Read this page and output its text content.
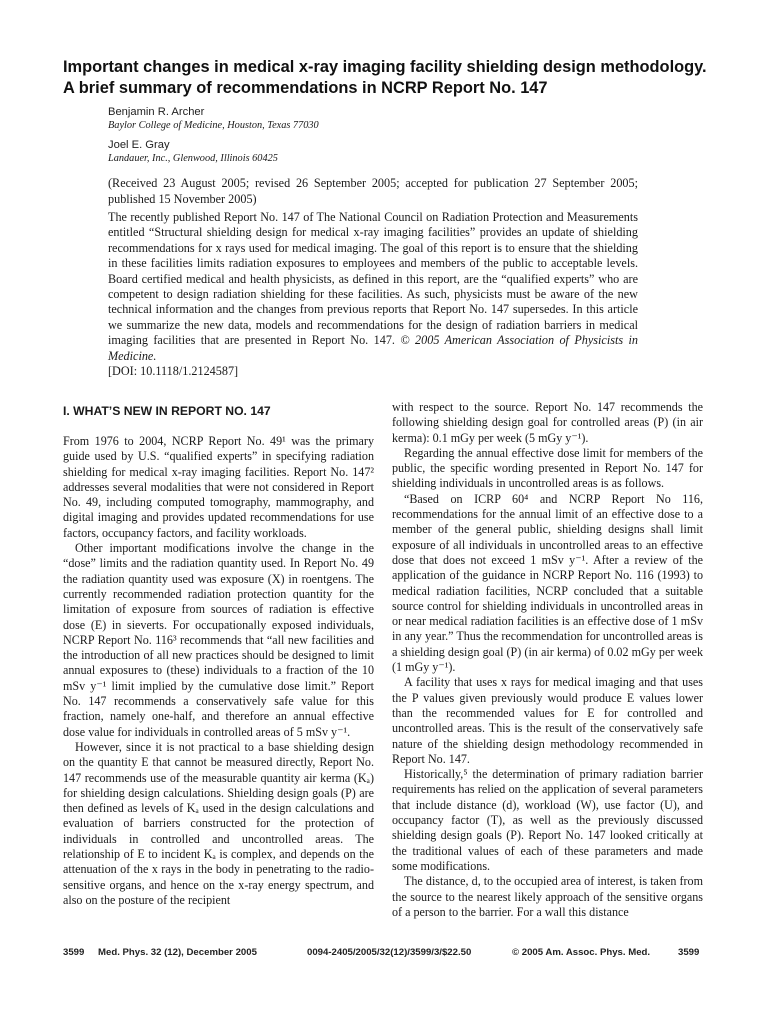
Important changes in medical x-ray imaging facility shielding design methodology. A brief summary of recommendations in NCRP Report No. 147
Benjamin R. Archer
Baylor College of Medicine, Houston, Texas 77030
Joel E. Gray
Landauer, Inc., Glenwood, Illinois 60425
(Received 23 August 2005; revised 26 September 2005; accepted for publication 27 September 2005; published 15 November 2005)
The recently published Report No. 147 of The National Council on Radiation Protection and Measurements entitled “Structural shielding design for medical x-ray imaging facilities” provides an update of shielding recommendations for x rays used for medical imaging. The goal of this report is to ensure that the shielding in these facilities limits radiation exposures to employees and members of the public to acceptable levels. Board certified medical and health physicists, as defined in this report, are the “qualified experts” who are competent to design radiation shielding for these facilities. As such, physicists must be aware of the new technical information and the changes from previous reports that Report No. 147 supersedes. In this article we summarize the new data, models and recommendations for the design of radiation barriers in medical imaging facilities that are presented in Report No. 147. © 2005 American Association of Physicists in Medicine.
[DOI: 10.1118/1.2124587]
I. WHAT’S NEW IN REPORT NO. 147

From 1976 to 2004, NCRP Report No. 49¹ was the primary guide used by U.S. “qualified experts” in specifying radiation shielding for medical x-ray imaging facilities. Report No. 147² addresses several modalities that were not considered in Report No. 49, including computed tomography, mammography, and digital imaging and provides updated recommendations for use factors, occupancy factors, and facility workloads.

Other important modifications involve the change in the “dose” limits and the radiation quantity used. In Report No. 49 the radiation quantity used was exposure (X) in roentgens. The currently recommended radiation protection quantity for the limitation of exposure from sources of radiation is effective dose (E) in sieverts. For occupationally exposed individuals, NCRP Report No. 116³ recommends that “all new facilities and the introduction of all new practices should be designed to limit annual exposures to (these) individuals to a fraction of the 10 mSv y⁻¹ limit implied by the cumulative dose limit.” Report No. 147 recommends a conservatively safe value for this fraction, namely one-half, and therefore an annual effective dose value for individuals in controlled areas of 5 mSv y⁻¹.

However, since it is not practical to a base shielding design on the quantity E that cannot be measured directly, Report No. 147 recommends use of the measurable quantity air kerma (Kₐ) for shielding design calculations. Shielding design goals (P) are then defined as levels of Kₐ used in the design calculations and evaluation of barriers constructed for the protection of individuals in controlled and uncontrolled areas. The relationship of E to incident Kₐ is complex, and depends on the attenuation of the x rays in the body in penetrating to the radio-sensitive organs, and hence on the x-ray energy spectrum, and also on the posture of the recipient

with respect to the source. Report No. 147 recommends the following shielding design goal for controlled areas (P) (in air kerma): 0.1 mGy per week (5 mGy y⁻¹).

Regarding the annual effective dose limit for members of the public, the specific wording presented in Report No. 147 for shielding individuals in uncontrolled areas is as follows.

“Based on ICRP 60⁴ and NCRP Report No 116, recommendations for the annual limit of an effective dose to a member of the general public, shielding designs shall limit exposure of all individuals in uncontrolled areas to an effective dose that does not exceed 1 mSv y⁻¹. After a review of the application of the guidance in NCRP Report No. 116 (1993) to medical radiation facilities, NCRP concluded that a suitable source control for shielding individuals in uncontrolled areas in or near medical radiation facilities is an effective dose of 1 mSv in any year.” Thus the recommendation for uncontrolled areas is a shielding design goal (P) (in air kerma) of 0.02 mGy per week (1 mGy y⁻¹).

A facility that uses x rays for medical imaging and that uses the P values given previously would produce E values lower than the recommended values for E for controlled and uncontrolled areas. This is the result of the conservatively safe nature of the shielding design methodology recommended in Report No. 147.

Historically,⁵ the determination of primary radiation barrier requirements has relied on the application of several parameters that include distance (d), workload (W), use factor (U), and occupancy factor (T), as well as the previously discussed shielding design goals (P). Report No. 147 looked critically at the traditional values of each of these parameters and made some modifications.

The distance, d, to the occupied area of interest, is taken from the source to the nearest likely approach of the sensitive organs of a person to the barrier. For a wall this distance

3599 Med. Phys. 32 (12), December 2005	0094-2405/2005/32(12)/3599/3/$22.50	© 2005 Am. Assoc. Phys. Med.	3599
